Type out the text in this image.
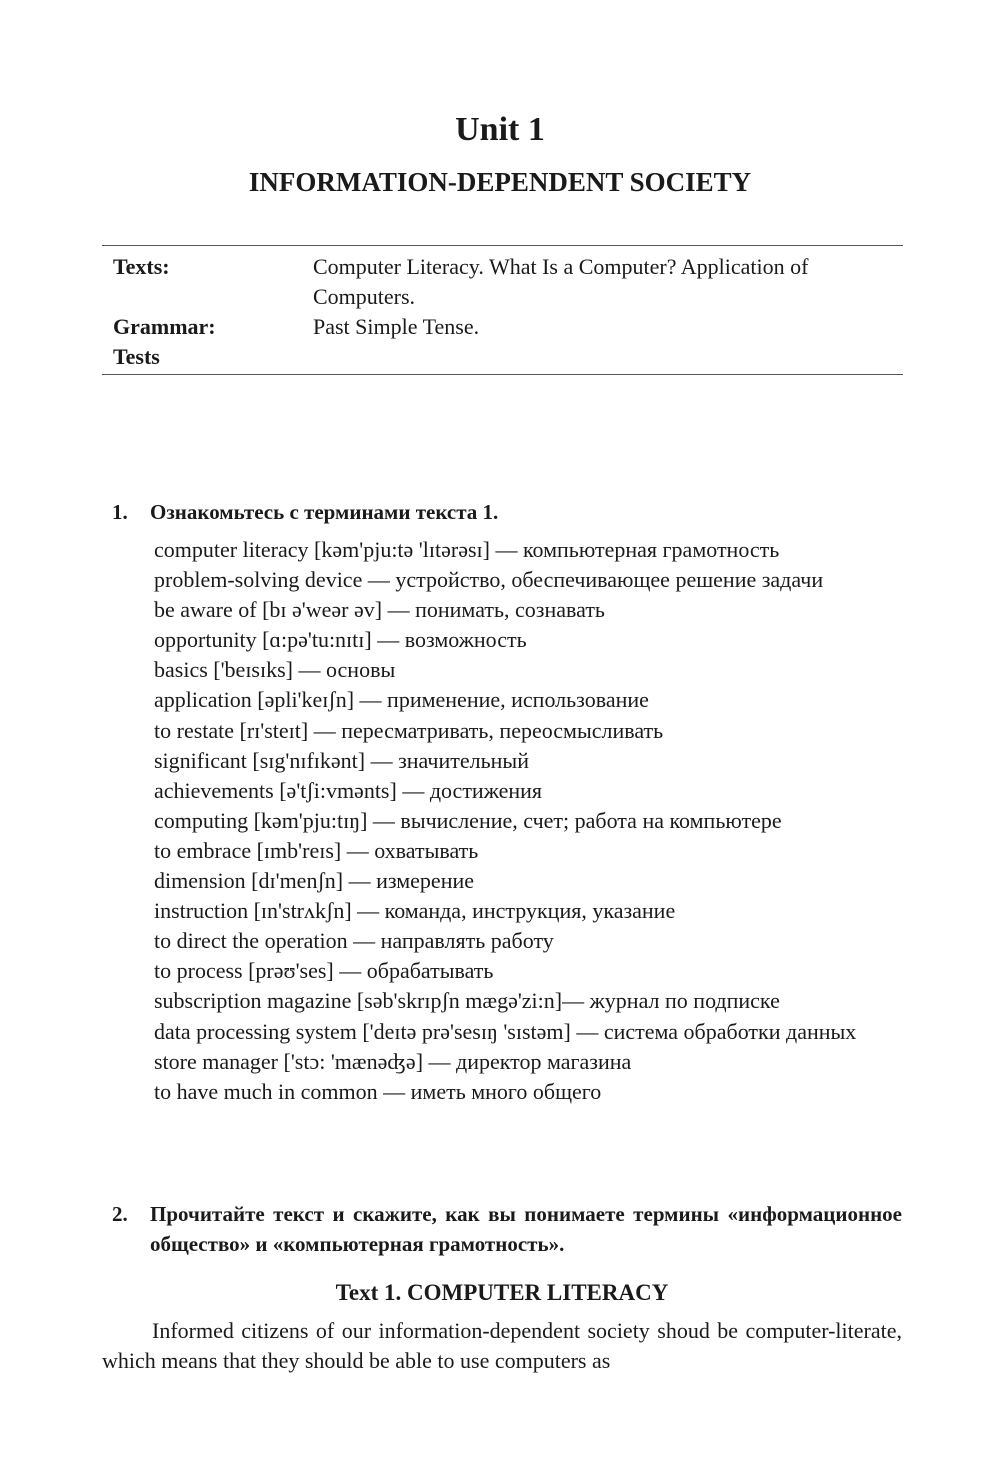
Unit 1
INFORMATION-DEPENDENT SOCIETY
Texts:	Computer Literacy. What Is a Computer? Application of Computers.
Grammar:	Past Simple Tense.
Tests
1.	Ознакомьтесь с терминами текста 1.
computer literacy [kəm'pju:tə 'lɪtərəsɪ] — компьютерная грамотность
problem-solving device — устройство, обеспечивающее решение задачи
be aware of [bɪ ə'weər əv] — понимать, сознавать
opportunity [ɑ:pə'tu:nɪtɪ] — возможность
basics ['beɪsɪks] — основы
application [əpli'keɪʃn] — применение, использование
to restate [rɪ'steɪt] — пересматривать, переосмысливать
significant [sɪg'nɪfɪkənt] — значительный
achievements [ə'tʃi:vmənts] — достижения
computing [kəm'pju:tɪŋ] — вычисление, счет; работа на компьютере
to embrace [ɪmb'reɪs] — охватывать
dimension [dɪ'menʃn] — измерение
instruction [ɪn'strʌkʃn] — команда, инструкция, указание
to direct the operation — направлять работу
to process [prəʊ'ses] — обрабатывать
subscription magazine [səb'skrɪpʃn mægə'zi:n]— журнал по подписке
data processing system ['deɪtə prə'sesɪŋ 'sɪstəm] — система обработки данных
store manager ['stɔ: 'mænəʤə] — директор магазина
to have much in common — иметь много общего
2.	Прочитайте текст и скажите, как вы понимаете термины «информационное общество» и «компьютерная грамотность».
Text 1. COMPUTER LITERACY

Informed citizens of our information-dependent society shoud be computer-literate, which means that they should be able to use computers as
